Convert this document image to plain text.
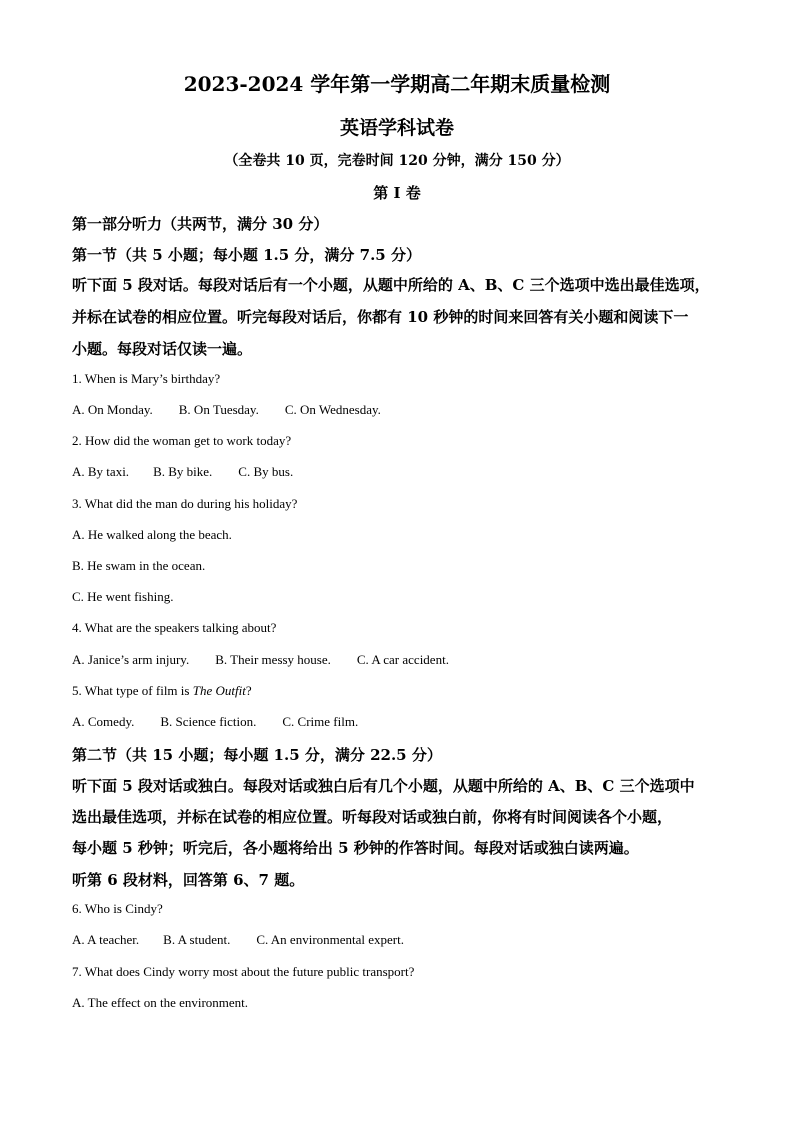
2023-2024 学年第一学期高二年期末质量检测
英语学科试卷
（全卷共 10 页，完卷时间 120 分钟，满分 150 分）
第 I 卷
第一部分听力（共两节，满分 30 分）
第一节（共 5 小题；每小题 1.5 分，满分 7.5 分）
听下面 5 段对话。每段对话后有一个小题，从题中所给的 A、B、C 三个选项中选出最佳选项，
并标在试卷的相应位置。听完每段对话后，你都有 10 秒钟的时间来回答有关小题和阅读下一
小题。每段对话仅读一遍。
1. When is Mary’s birthday?
A. On Monday. B. On Tuesday. C. On Wednesday.
2. How did the woman get to work today?
A. By taxi. B. By bike. C. By bus.
3. What did the man do during his holiday?
A. He walked along the beach.
B. He swam in the ocean.
C. He went fishing.
4. What are the speakers talking about?
A. Janice’s arm injury. B. Their messy house. C. A car accident.
5. What type of film is The Outfit?
A. Comedy. B. Science fiction. C. Crime film.
第二节（共 15 小题；每小题 1.5 分，满分 22.5 分）
听下面 5 段对话或独白。每段对话或独白后有几个小题，从题中所给的 A、B、C 三个选项中
选出最佳选项，并标在试卷的相应位置。听每段对话或独白前，你将有时间阅读各个小题，
每小题 5 秒钟；听完后，各小题将给出 5 秒钟的作答时间。每段对话或独白读两遍。
听第 6 段材料，回答第 6、7 题。
6. Who is Cindy?
A. A teacher. B. A student. C. An environmental expert.
7. What does Cindy worry most about the future public transport?
A. The effect on the environment.
